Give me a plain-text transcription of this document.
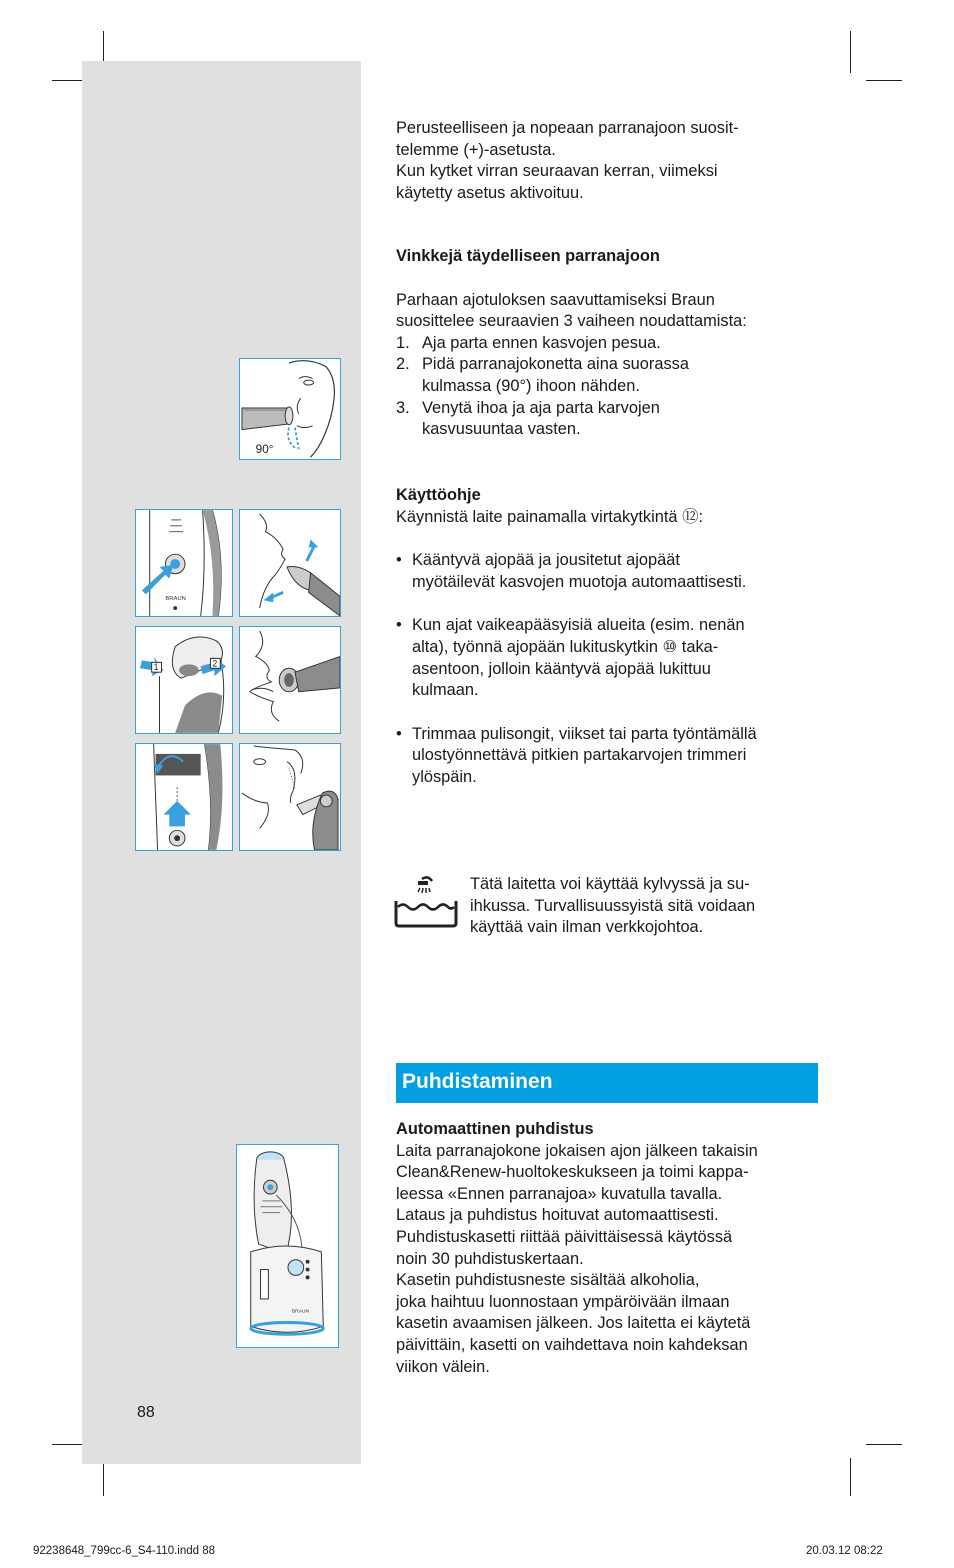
Perusteelliseen ja nopeaan parranajoon suosit-

telemme (+)-asetusta.

Kun kytket virran seuraavan kerran, viimeksi

käytetty asetus aktivoituu.

Vinkkejä täydelliseen parranajoon

Parhaan ajotuloksen saavuttamiseksi Braun

suosittelee seuraavien 3 vaiheen noudattamista:

1. Aja parta ennen kasvojen pesua.
2. Pidä parranajokonetta aina suorassa
kulmassa (90°) ihoon nähden.
3. Venytä ihoa ja aja parta karvojen
kasvusuuntaa vasten.

Käyttöohje

Käynnistä laite painamalla virtakytkintä ⑫:

• Kääntyvä ajopää ja jousitetut ajopäät
myötäilevät kasvojen muotoja automaattisesti.

• Kun ajat vaikeapääsyisiä alueita (esim. nenän
alta), työnnä ajopään lukituskytkin ⑩ taka-
asentoon, jolloin kääntyvä ajopää lukittuu
kulmaan.

• Trimmaa pulisongit, viikset tai parta työntämällä
ulostyönnettävä pitkien partakarvojen trimmeri
ylöspäin.

Tätä laitetta voi käyttää kylvyssä ja su-

ihkussa. Turvallisuussyistä sitä voidaan

käyttää vain ilman verkkojohtoa.

Puhdistaminen

Automaattinen puhdistus

Laita parranajokone jokaisen ajon jälkeen takaisin

Clean&Renew-huoltokeskukseen ja toimi kappa-

leessa «Ennen parranajoa» kuvatulla tavalla.

Lataus ja puhdistus hoituvat automaattisesti.

Puhdistuskasetti riittää päivittäisessä käytössä

noin 30 puhdistuskertaan.

Kasetin puhdistusneste sisältää alkoholia,

joka haihtuu luonnostaan ympäröivään ilmaan

kasetin avaamisen jälkeen. Jos laitetta ei käytetä

päivittäin, kasetti on vaihdettava noin kahdeksan

viikon välein.

90°
BRAUN
1	2
BRAUN
88
92238648_799cc-6_S4-110.indd 88	20.03.12 08:22
